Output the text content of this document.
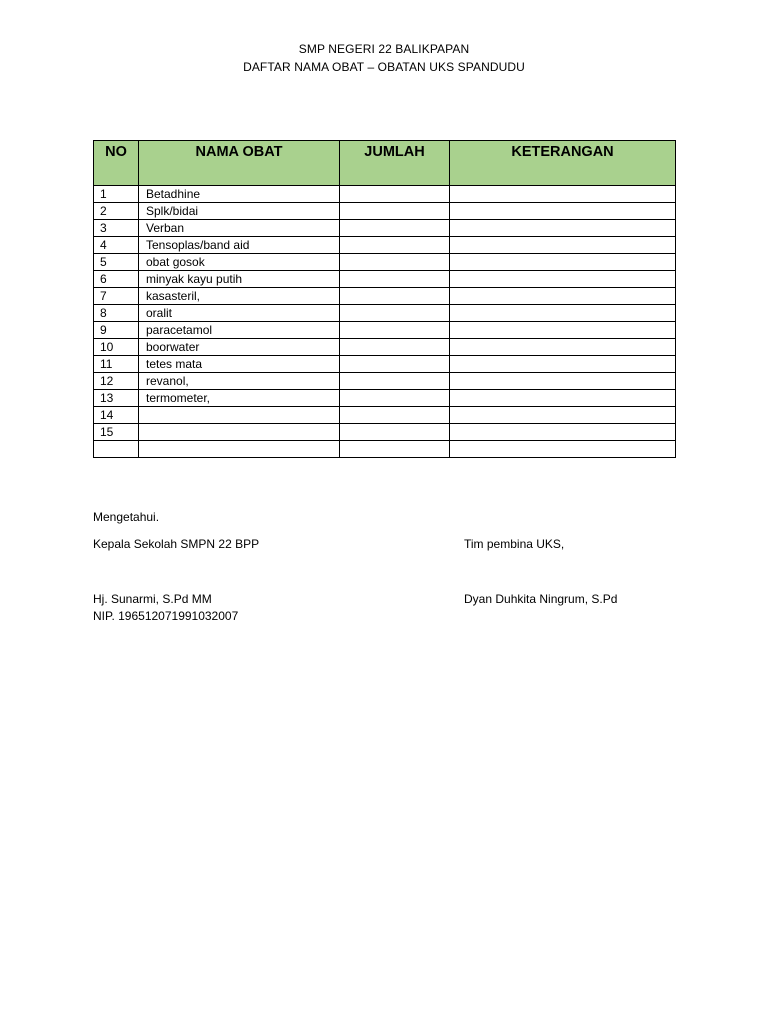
SMP NEGERI 22 BALIKPAPAN
DAFTAR NAMA OBAT – OBATAN UKS SPANDUDU
NO	NAMA OBAT	JUMLAH	KETERANGAN
1	Betadhine		
2	Splk/bidai		
3	Verban		
4	Tensoplas/band aid		
5	obat gosok		
6	minyak kayu putih		
7	kasasteril,		
8	oralit		
9	paracetamol		
10	boorwater		
11	tetes mata		
12	revanol,		
13	termometer,		
14			
15			

Mengetahui.
Kepala Sekolah SMPN 22 BPP	Tim pembina UKS,
Hj. Sunarmi, S.Pd MM
NIP. 196512071991032007
Dyan Duhkita Ningrum, S.Pd
